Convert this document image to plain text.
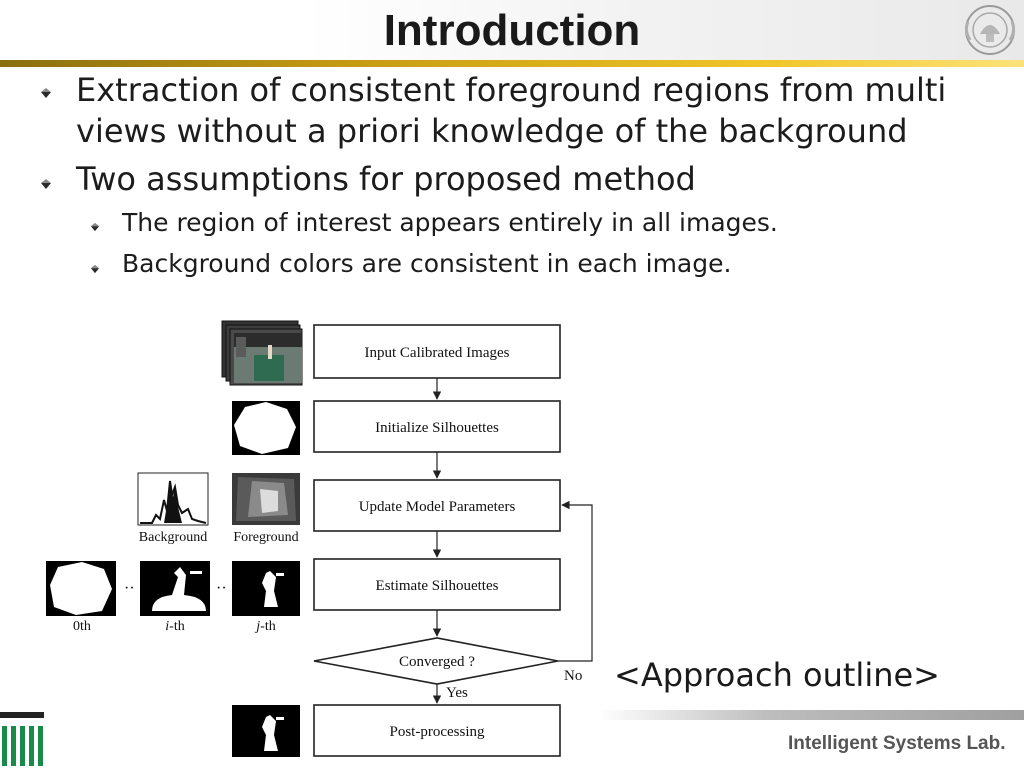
Introduction
Extraction of consistent foreground regions from multi
views without a priori knowledge of the background
Two assumptions for proposed method
The region of interest appears entirely in all images.
Background colors are consistent in each image.
Input Calibrated Images
Initialize Silhouettes
Update Model Parameters
Estimate Silhouettes
Converged ?
Post-processing
Yes
No
Background Foreground
··	··
0th	i-th	j-th
<Approach outline>
Intelligent Systems Lab.
